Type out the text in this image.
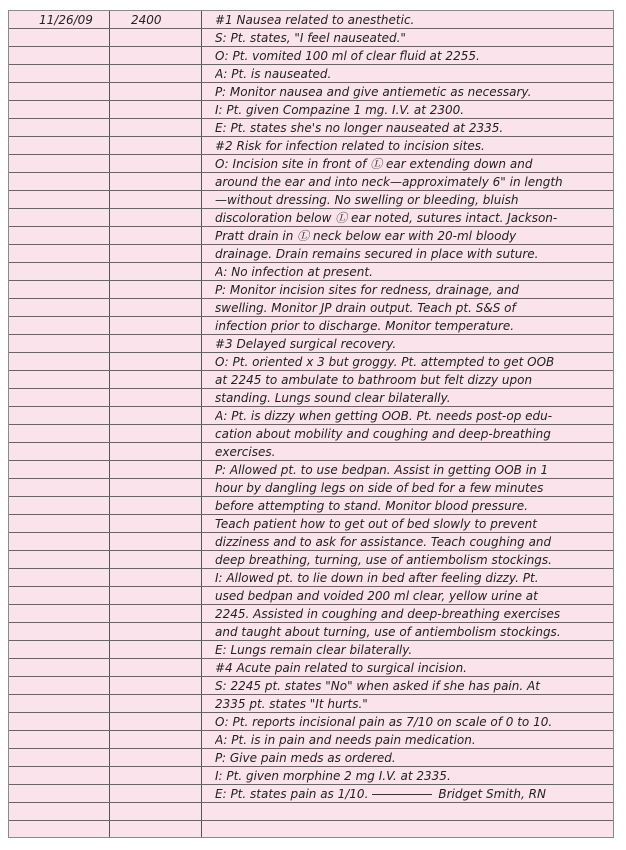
11/26/09	2400	#1 Nausea related to anesthetic.
S: Pt. states, "I feel nauseated."
O: Pt. vomited 100 ml of clear fluid at 2255.
A: Pt. is nauseated.
P: Monitor nausea and give antiemetic as necessary.
I: Pt. given Compazine 1 mg. I.V. at 2300.
E: Pt. states she's no longer nauseated at 2335.
#2 Risk for infection related to incision sites.
O: Incision site in front of Ⓛ ear extending down and
around the ear and into neck—approximately 6" in length
—without dressing. No swelling or bleeding, bluish
discoloration below Ⓛ ear noted, sutures intact. Jackson-
Pratt drain in Ⓛ neck below ear with 20-ml bloody
drainage. Drain remains secured in place with suture.
A: No infection at present.
P: Monitor incision sites for redness, drainage, and
swelling. Monitor JP drain output. Teach pt. S&S of
infection prior to discharge. Monitor temperature.
#3 Delayed surgical recovery.
O: Pt. oriented x 3 but groggy. Pt. attempted to get OOB
at 2245 to ambulate to bathroom but felt dizzy upon
standing. Lungs sound clear bilaterally.
A: Pt. is dizzy when getting OOB. Pt. needs post-op edu-
cation about mobility and coughing and deep-breathing
exercises.
P: Allowed pt. to use bedpan. Assist in getting OOB in 1
hour by dangling legs on side of bed for a few minutes
before attempting to stand. Monitor blood pressure.
Teach patient how to get out of bed slowly to prevent
dizziness and to ask for assistance. Teach coughing and
deep breathing, turning, use of antiembolism stockings.
I: Allowed pt. to lie down in bed after feeling dizzy. Pt.
used bedpan and voided 200 ml clear, yellow urine at
2245. Assisted in coughing and deep-breathing exercises
and taught about turning, use of antiembolism stockings.
E: Lungs remain clear bilaterally.
#4 Acute pain related to surgical incision.
S: 2245 pt. states "No" when asked if she has pain. At
2335 pt. states "It hurts."
O: Pt. reports incisional pain as 7/10 on scale of 0 to 10.
A: Pt. is in pain and needs pain medication.
P: Give pain meds as ordered.
I: Pt. given morphine 2 mg I.V. at 2335.
E: Pt. states pain as 1/10.	Bridget Smith, RN
